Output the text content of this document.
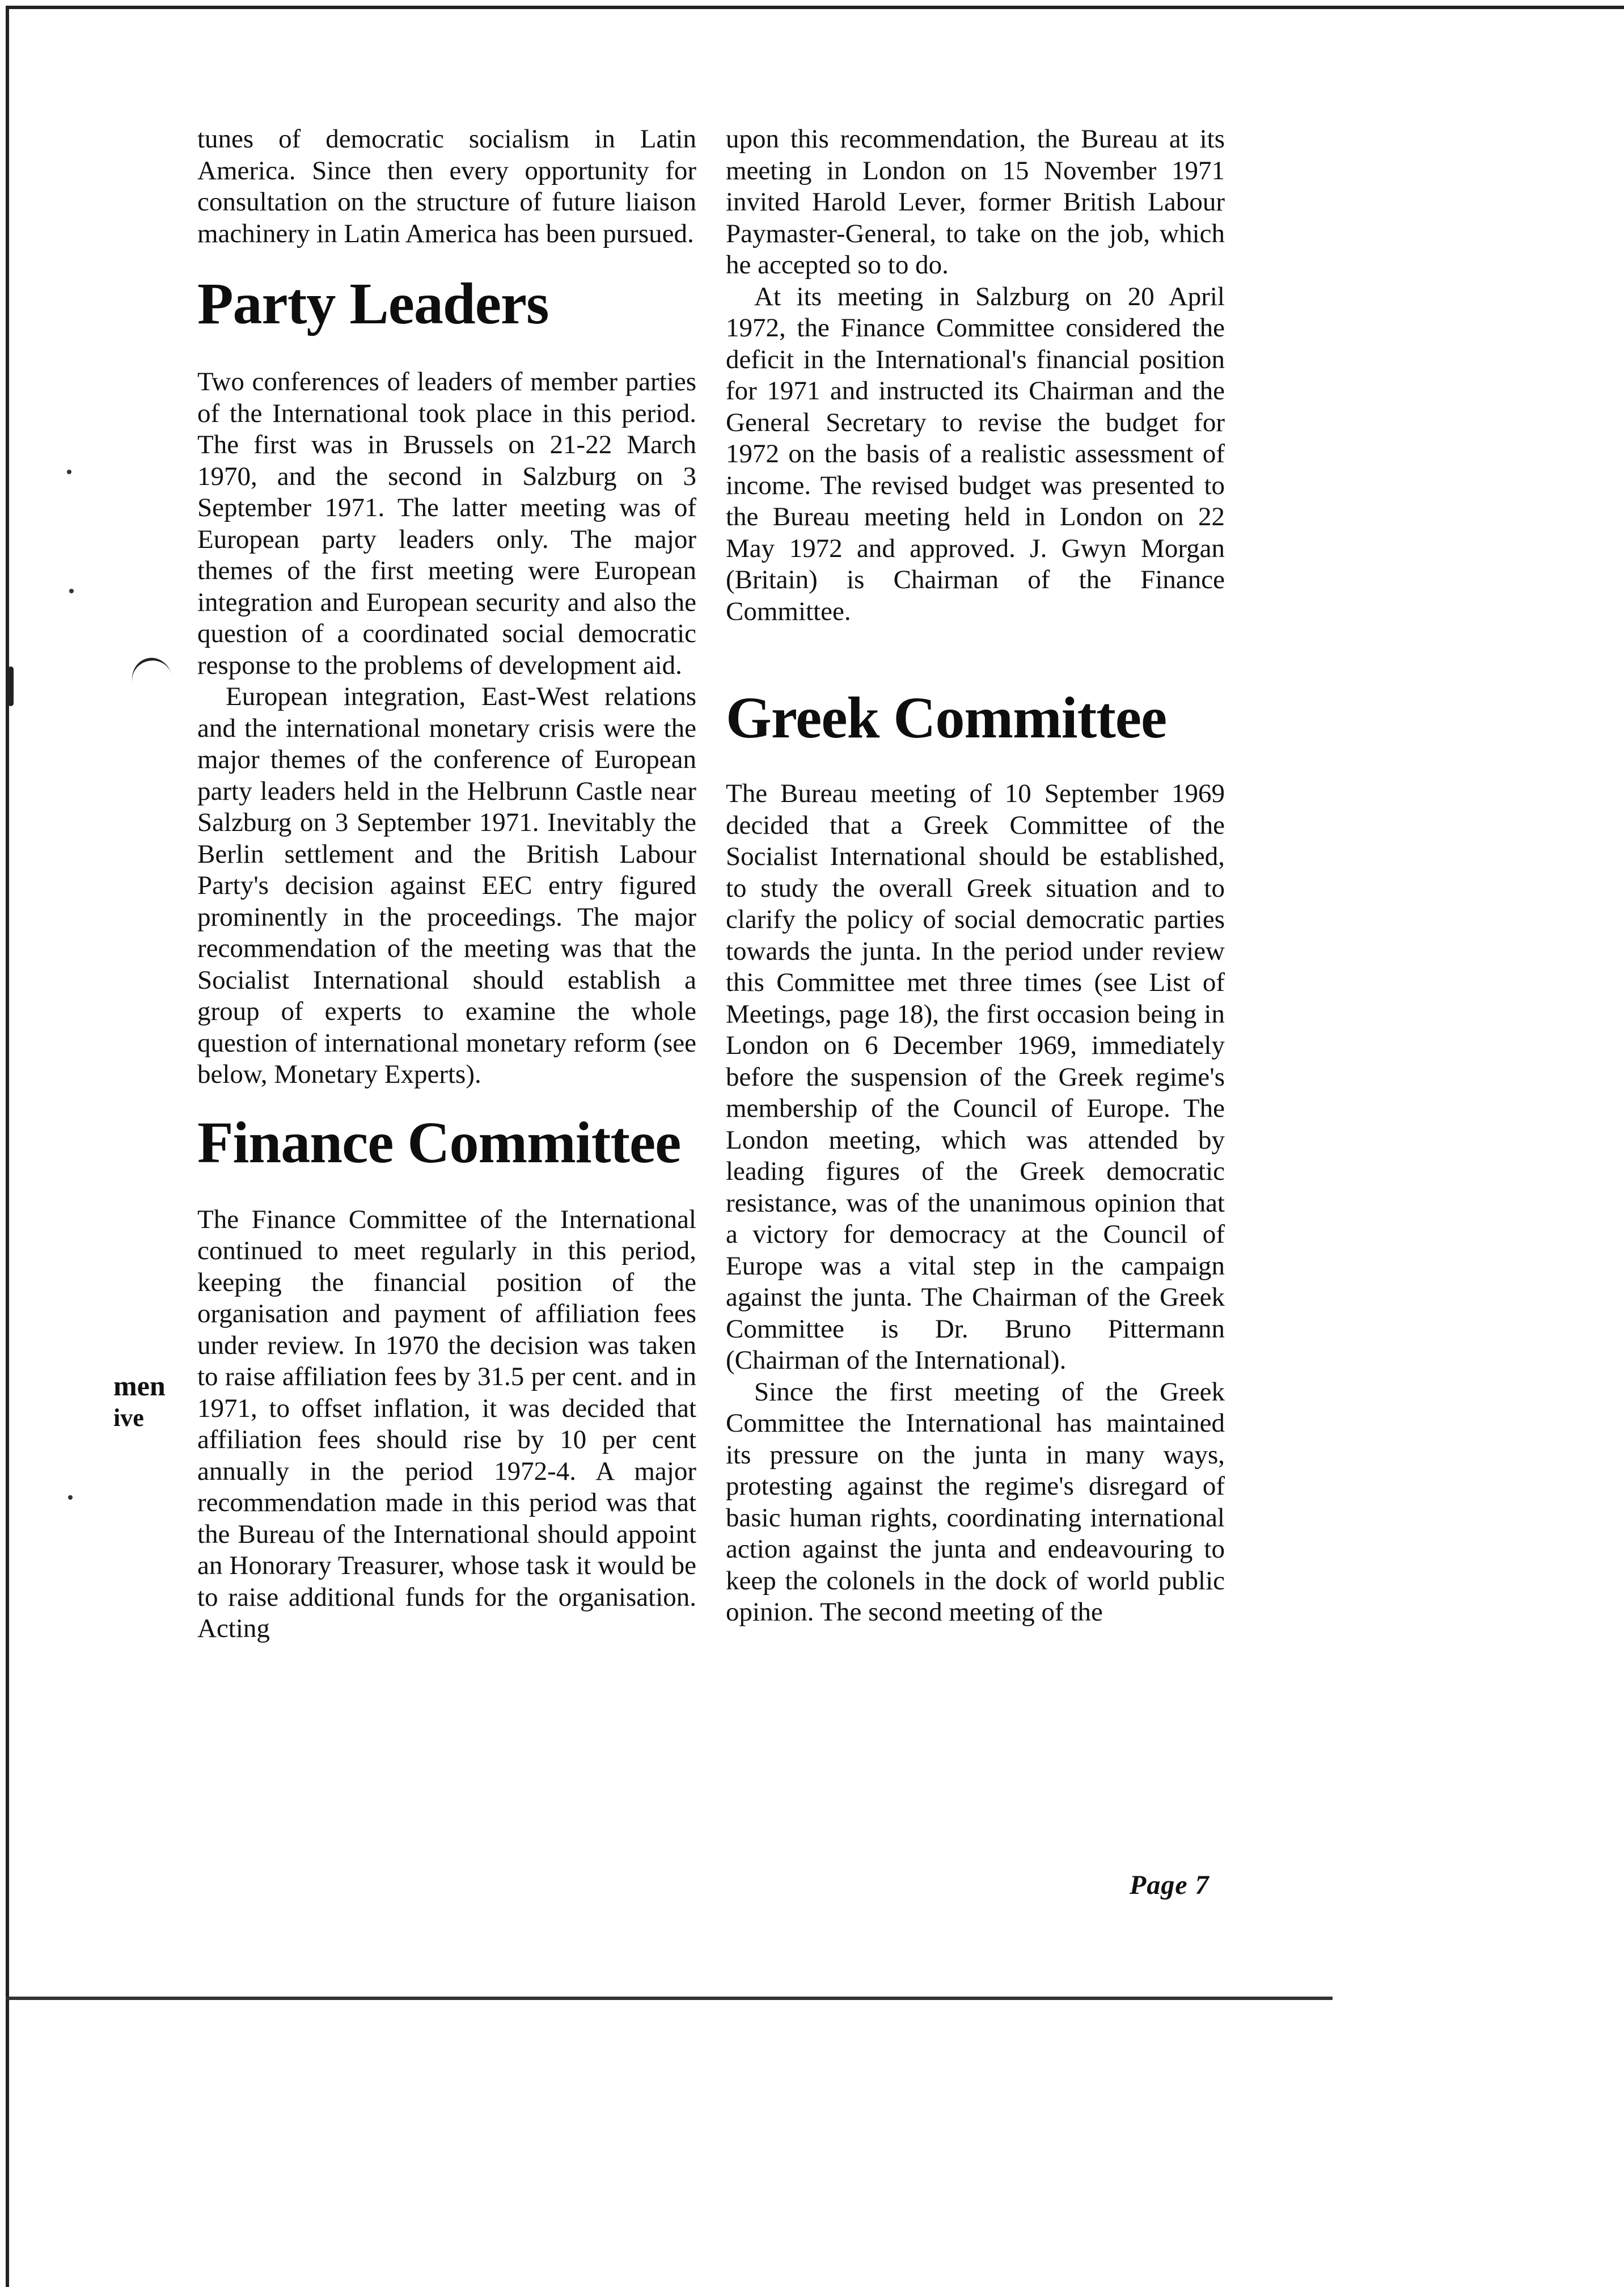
men
ive

tunes of democratic socialism in Latin America. Since then every opportunity for consultation on the structure of future liaison machinery in Latin America has been pursued.

Party Leaders

Two conferences of leaders of member parties of the International took place in this period. The first was in Brussels on 21-22 March 1970, and the second in Salzburg on 3 September 1971. The latter meeting was of European party leaders only. The major themes of the first meeting were European integration and European security and also the question of a coordinated social democratic response to the problems of development aid.

European integration, East-West relations and the international monetary crisis were the major themes of the conference of European party leaders held in the Helbrunn Castle near Salzburg on 3 September 1971. Inevitably the Berlin settlement and the British Labour Party's decision against EEC entry figured prominently in the proceedings. The major recommendation of the meeting was that the Socialist International should establish a group of experts to examine the whole question of international monetary reform (see below, Monetary Experts).

Finance Committee

The Finance Committee of the International continued to meet regularly in this period, keeping the financial position of the organisation and payment of affiliation fees under review. In 1970 the decision was taken to raise affiliation fees by 31.5 per cent. and in 1971, to offset inflation, it was decided that affiliation fees should rise by 10 per cent annually in the period 1972-4. A major recommendation made in this period was that the Bureau of the International should appoint an Honorary Treasurer, whose task it would be to raise additional funds for the organisation. Acting

upon this recommendation, the Bureau at its meeting in London on 15 November 1971 invited Harold Lever, former British Labour Paymaster-General, to take on the job, which he accepted so to do.

At its meeting in Salzburg on 20 April 1972, the Finance Committee considered the deficit in the International's financial position for 1971 and instructed its Chairman and the General Secretary to revise the budget for 1972 on the basis of a realistic assessment of income. The revised budget was presented to the Bureau meeting held in London on 22 May 1972 and approved. J. Gwyn Morgan (Britain) is Chairman of the Finance Committee.

Greek Committee

The Bureau meeting of 10 September 1969 decided that a Greek Committee of the Socialist International should be established, to study the overall Greek situation and to clarify the policy of social democratic parties towards the junta. In the period under review this Committee met three times (see List of Meetings, page 18), the first occasion being in London on 6 December 1969, immediately before the suspension of the Greek regime's membership of the Council of Europe. The London meeting, which was attended by leading figures of the Greek democratic resistance, was of the unanimous opinion that a victory for democracy at the Council of Europe was a vital step in the campaign against the junta. The Chairman of the Greek Committee is Dr. Bruno Pittermann (Chairman of the International).

Since the first meeting of the Greek Committee the International has maintained its pressure on the junta in many ways, protesting against the regime's disregard of basic human rights, coordinating international action against the junta and endeavouring to keep the colonels in the dock of world public opinion. The second meeting of the

Page 7
